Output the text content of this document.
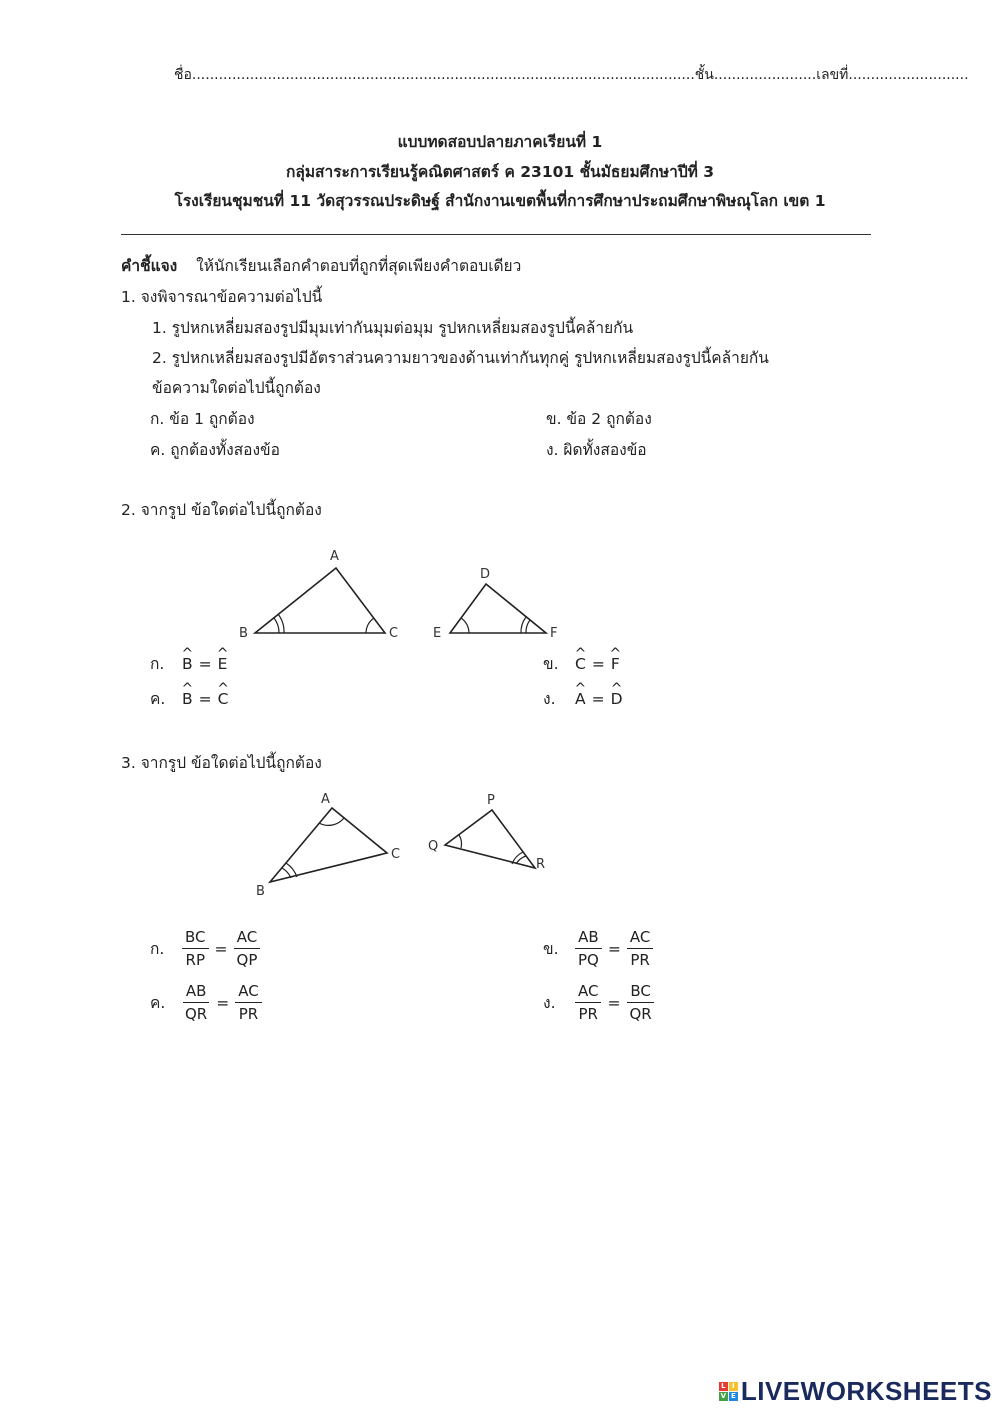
ชื่อ.................................................................................................................ชั้น.......................เลขที่...........................
แบบทดสอบปลายภาคเรียนที่ 1
กลุ่มสาระการเรียนรู้คณิตศาสตร์ ค 23101 ชั้นมัธยมศึกษาปีที่ 3
โรงเรียนชุมชนที่ 11 วัดสุวรรณประดิษฐ์ สำนักงานเขตพื้นที่การศึกษาประถมศึกษาพิษณุโลก เขต 1
คำชี้แจง ให้นักเรียนเลือกคำตอบที่ถูกที่สุดเพียงคำตอบเดียว
1. จงพิจารณาข้อความต่อไปนี้
1. รูปหกเหลี่ยมสองรูปมีมุมเท่ากันมุมต่อมุม รูปหกเหลี่ยมสองรูปนี้คล้ายกัน
2. รูปหกเหลี่ยมสองรูปมีอัตราส่วนความยาวของด้านเท่ากันทุกคู่ รูปหกเหลี่ยมสองรูปนี้คล้ายกัน
ข้อความใดต่อไปนี้ถูกต้อง
ก. ข้อ 1 ถูกต้อง	ข. ข้อ 2 ถูกต้อง
ค. ถูกต้องทั้งสองข้อ	ง. ผิดทั้งสองข้อ
2. จากรูป ข้อใดต่อไปนี้ถูกต้อง
A
B	C
D
E	F
ก.	^ B = ^ E	ข.	^ C = ^ F
ค.	^ B = ^ C	ง.	^ A = ^ D
3. จากรูป ข้อใดต่อไปนี้ถูกต้อง
A
B
C
P
Q
R
ก.	$\frac{BC}{RP} = \frac{AC}{QP}$	ข.	$\frac{AB}{PQ} = \frac{AC}{PR}$
ค.	$\frac{AB}{QR} = \frac{AC}{PR}$	ง.	$\frac{AC}{PR} = \frac{BC}{QR}$
L I
V E LIVEWORKSHEETS
